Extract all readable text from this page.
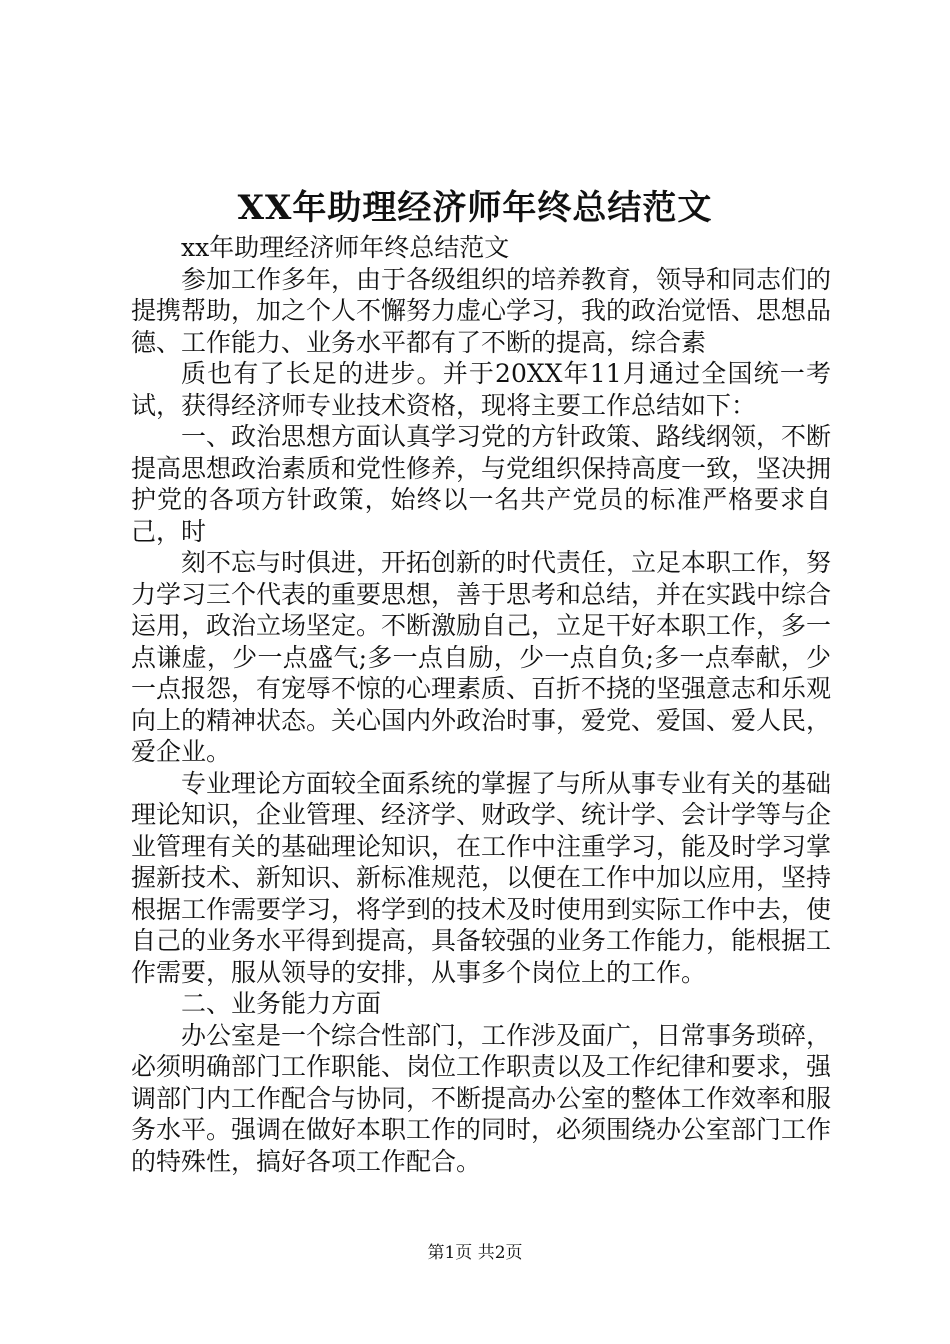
XX年助理经济师年终总结范文

xx年助理经济师年终总结范文

参加工作多年，由于各级组织的培养教育，领导和同志们的提携帮助，加之个人不懈努力虚心学习，我的政治觉悟、思想品德、工作能力、业务水平都有了不断的提高，综合素

质也有了长足的进步。并于20XX年11月通过全国统一考试，获得经济师专业技术资格，现将主要工作总结如下：

一、政治思想方面认真学习党的方针政策、路线纲领，不断提高思想政治素质和党性修养，与党组织保持高度一致，坚决拥护党的各项方针政策，始终以一名共产党员的标准严格要求自己，时

刻不忘与时俱进，开拓创新的时代责任，立足本职工作，努力学习三个代表的重要思想，善于思考和总结，并在实践中综合运用，政治立场坚定。不断激励自己，立足干好本职工作，多一点谦虚，少一点盛气;多一点自励，少一点自负;多一点奉献，少一点报怨，有宠辱不惊的心理素质、百折不挠的坚强意志和乐观向上的精神状态。关心国内外政治时事，爱党、爱国、爱人民，爱企业。

专业理论方面较全面系统的掌握了与所从事专业有关的基础理论知识，企业管理、经济学、财政学、统计学、会计学等与企业管理有关的基础理论知识，在工作中注重学习，能及时学习掌握新技术、新知识、新标准规范，以便在工作中加以应用，坚持根据工作需要学习，将学到的技术及时使用到实际工作中去，使自己的业务水平得到提高，具备较强的业务工作能力，能根据工作需要，服从领导的安排，从事多个岗位上的工作。

二、业务能力方面

办公室是一个综合性部门，工作涉及面广，日常事务琐碎，必须明确部门工作职能、岗位工作职责以及工作纪律和要求，强调部门内工作配合与协同，不断提高办公室的整体工作效率和服务水平。强调在做好本职工作的同时，必须围绕办公室部门工作的特殊性，搞好各项工作配合。

第1页 共2页
